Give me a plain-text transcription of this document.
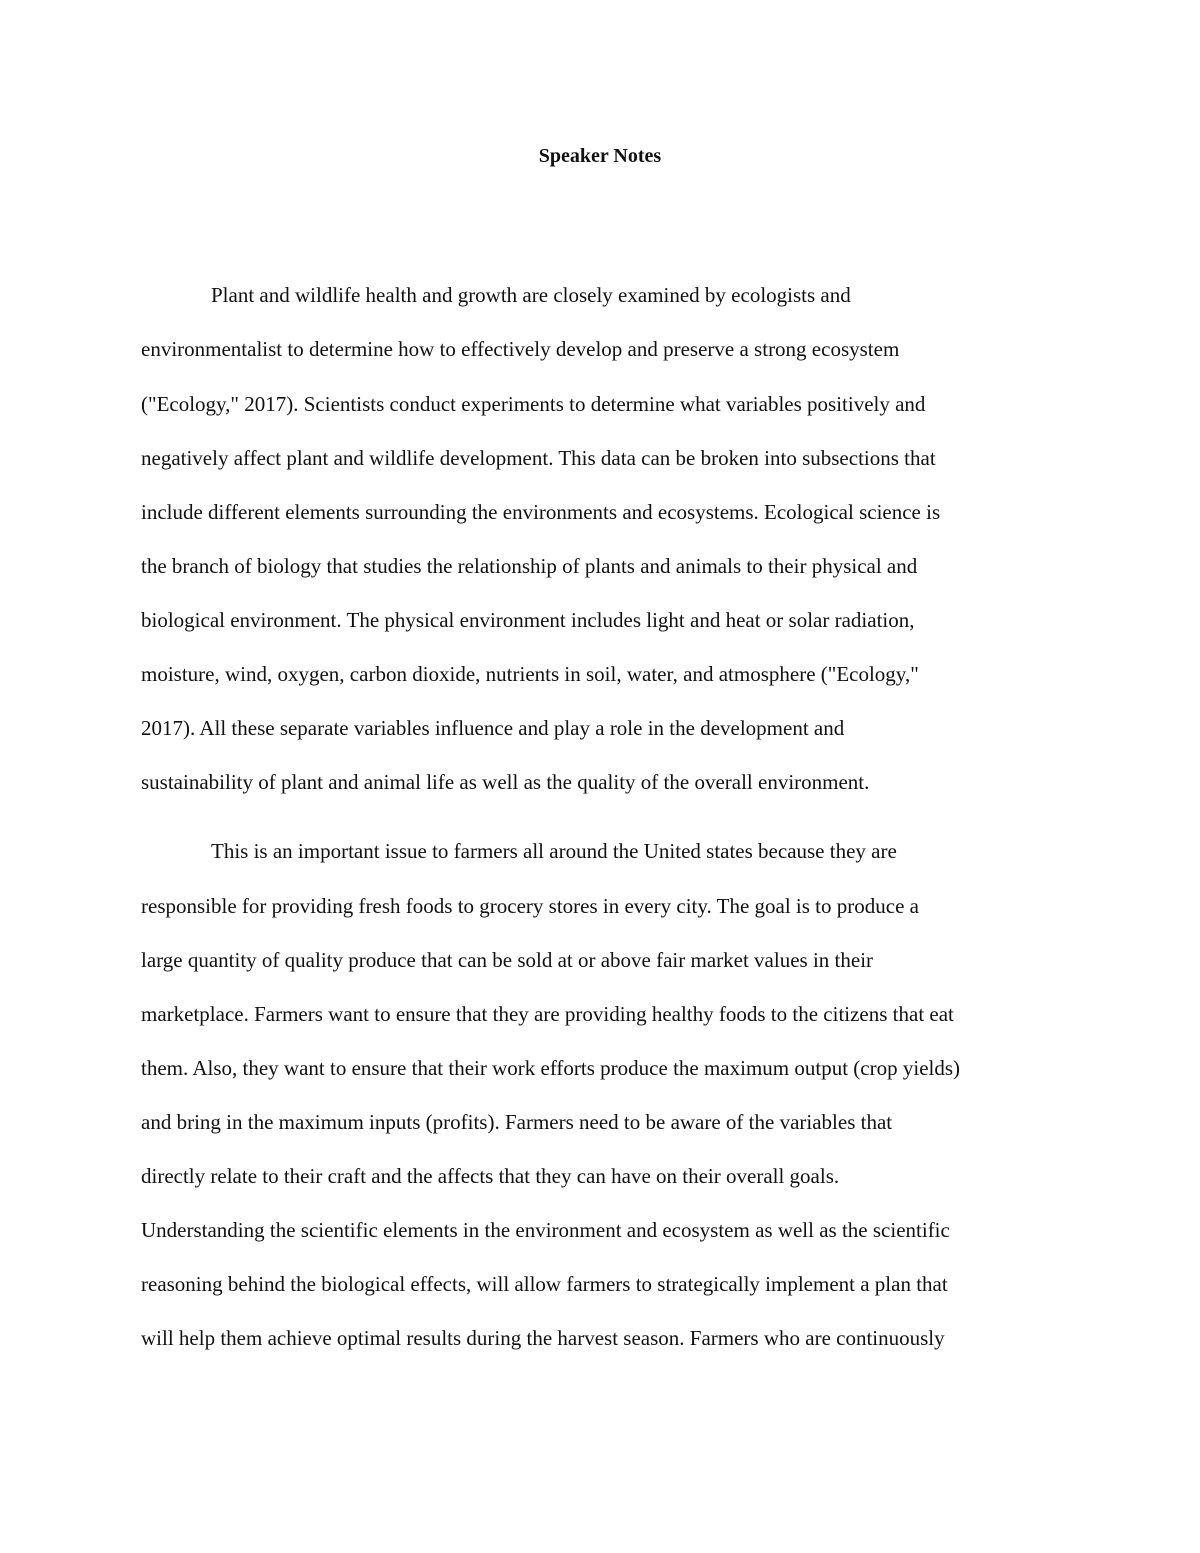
Speaker Notes
Plant and wildlife health and growth are closely examined by ecologists and
environmentalist to determine how to effectively develop and preserve a strong ecosystem
("Ecology," 2017). Scientists conduct experiments to determine what variables positively and
negatively affect plant and wildlife development. This data can be broken into subsections that
include different elements surrounding the environments and ecosystems. Ecological science is
the branch of biology that studies the relationship of plants and animals to their physical and
biological environment. The physical environment includes light and heat or solar radiation,
moisture, wind, oxygen, carbon dioxide, nutrients in soil, water, and atmosphere ("Ecology,"
2017). All these separate variables influence and play a role in the development and
sustainability of plant and animal life as well as the quality of the overall environment.
This is an important issue to farmers all around the United states because they are
responsible for providing fresh foods to grocery stores in every city. The goal is to produce a
large quantity of quality produce that can be sold at or above fair market values in their
marketplace. Farmers want to ensure that they are providing healthy foods to the citizens that eat
them. Also, they want to ensure that their work efforts produce the maximum output (crop yields)
and bring in the maximum inputs (profits). Farmers need to be aware of the variables that
directly relate to their craft and the affects that they can have on their overall goals.
Understanding the scientific elements in the environment and ecosystem as well as the scientific
reasoning behind the biological effects, will allow farmers to strategically implement a plan that
will help them achieve optimal results during the harvest season. Farmers who are continuously
